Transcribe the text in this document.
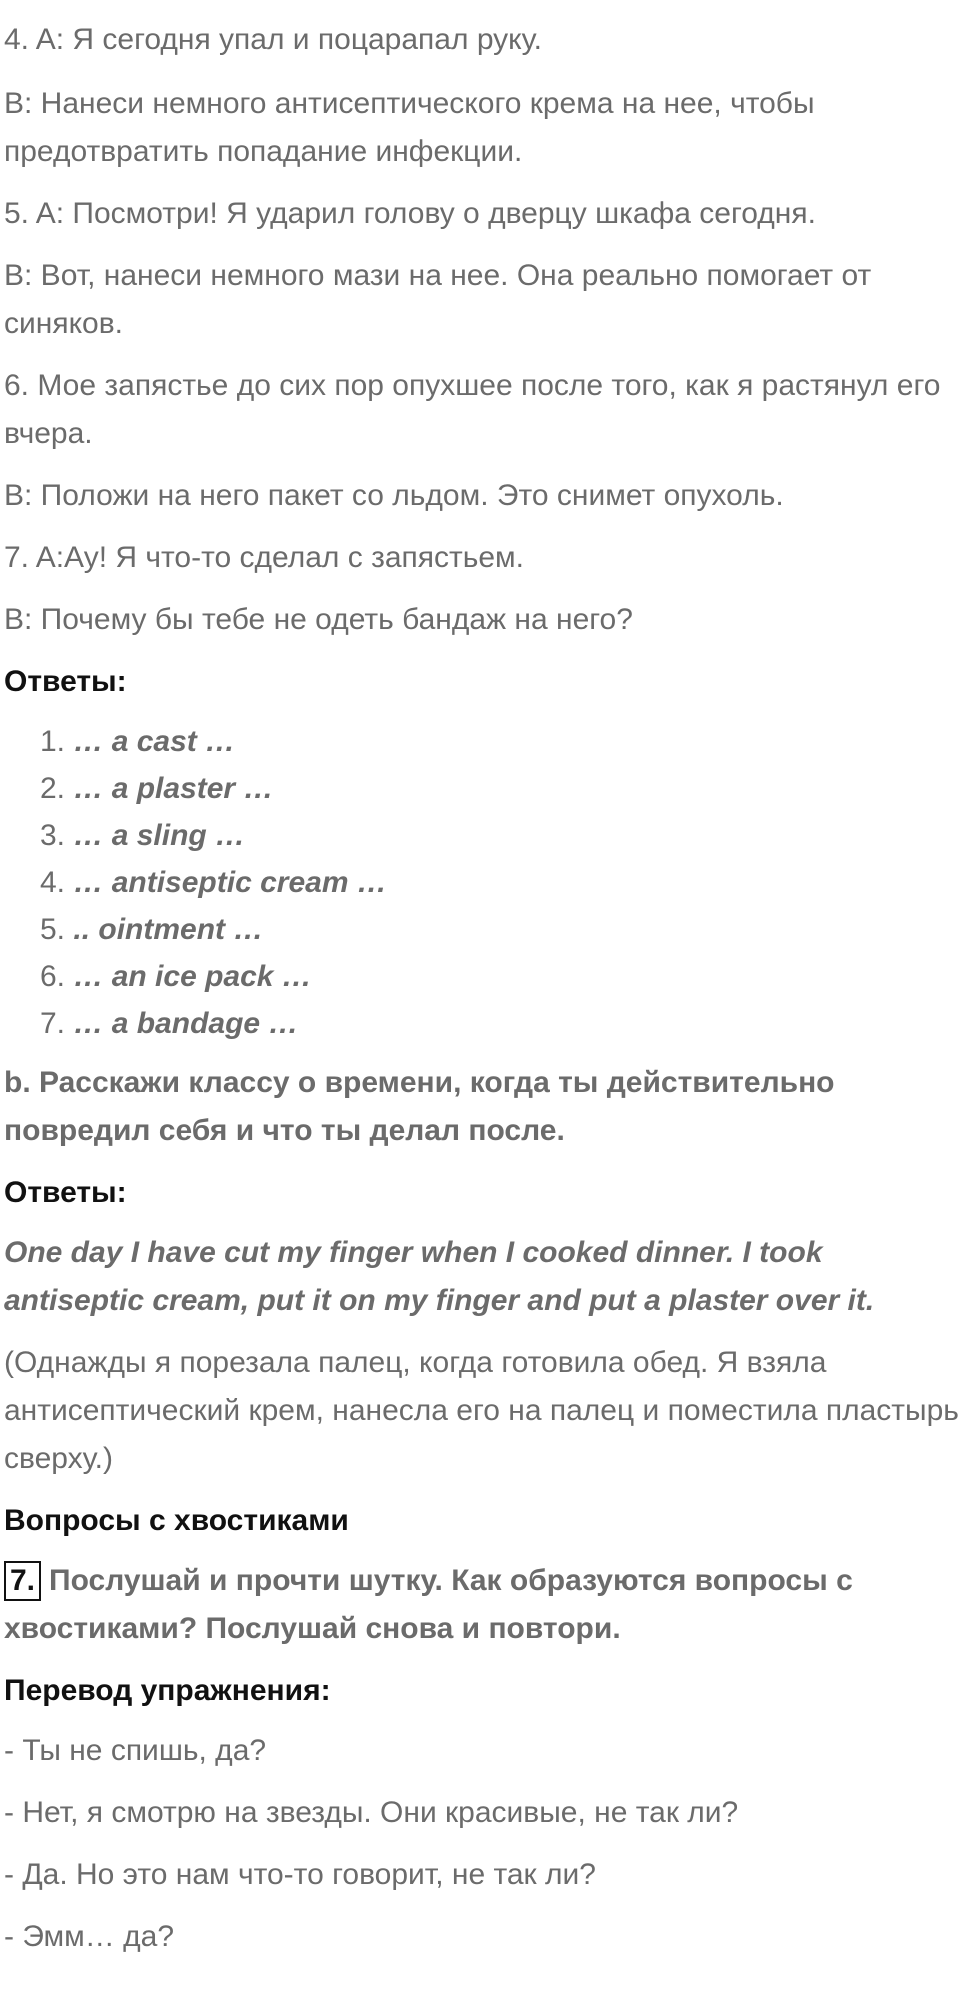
4. A: Я сегодня упал и поцарапал руку.

B: Нанеси немного антисептического крема на нее, чтобы предотвратить попадание инфекции.

5. A: Посмотри! Я ударил голову о дверцу шкафа сегодня.

B: Вот, нанеси немного мази на нее. Она реально помогает от синяков.

6. Мое запястье до сих пор опухшее после того, как я растянул его вчера.

B: Положи на него пакет со льдом. Это снимет опухоль.

7. A:Ау! Я что-то сделал с запястьем.

B: Почему бы тебе не одеть бандаж на него?

Ответы:

1. … a cast …
2. … a plaster …
3. … a sling …
4. … antiseptic cream …
5. .. ointment …
6. … an ice pack …
7. … a bandage …

b. Расскажи классу о времени, когда ты действительно повредил себя и что ты делал после.

Ответы:

One day I have cut my finger when I cooked dinner. I took antiseptic cream, put it on my finger and put a plaster over it.

(Однажды я порезала палец, когда готовила обед. Я взяла антисептический крем, нанесла его на палец и поместила пластырь сверху.)

Вопросы с хвостиками

7. Послушай и прочти шутку. Как образуются вопросы с хвостиками? Послушай снова и повтори.

Перевод упражнения:

- Ты не спишь, да?

- Нет, я смотрю на звезды. Они красивые, не так ли?

- Да. Но это нам что-то говорит, не так ли?

- Эмм… да?
